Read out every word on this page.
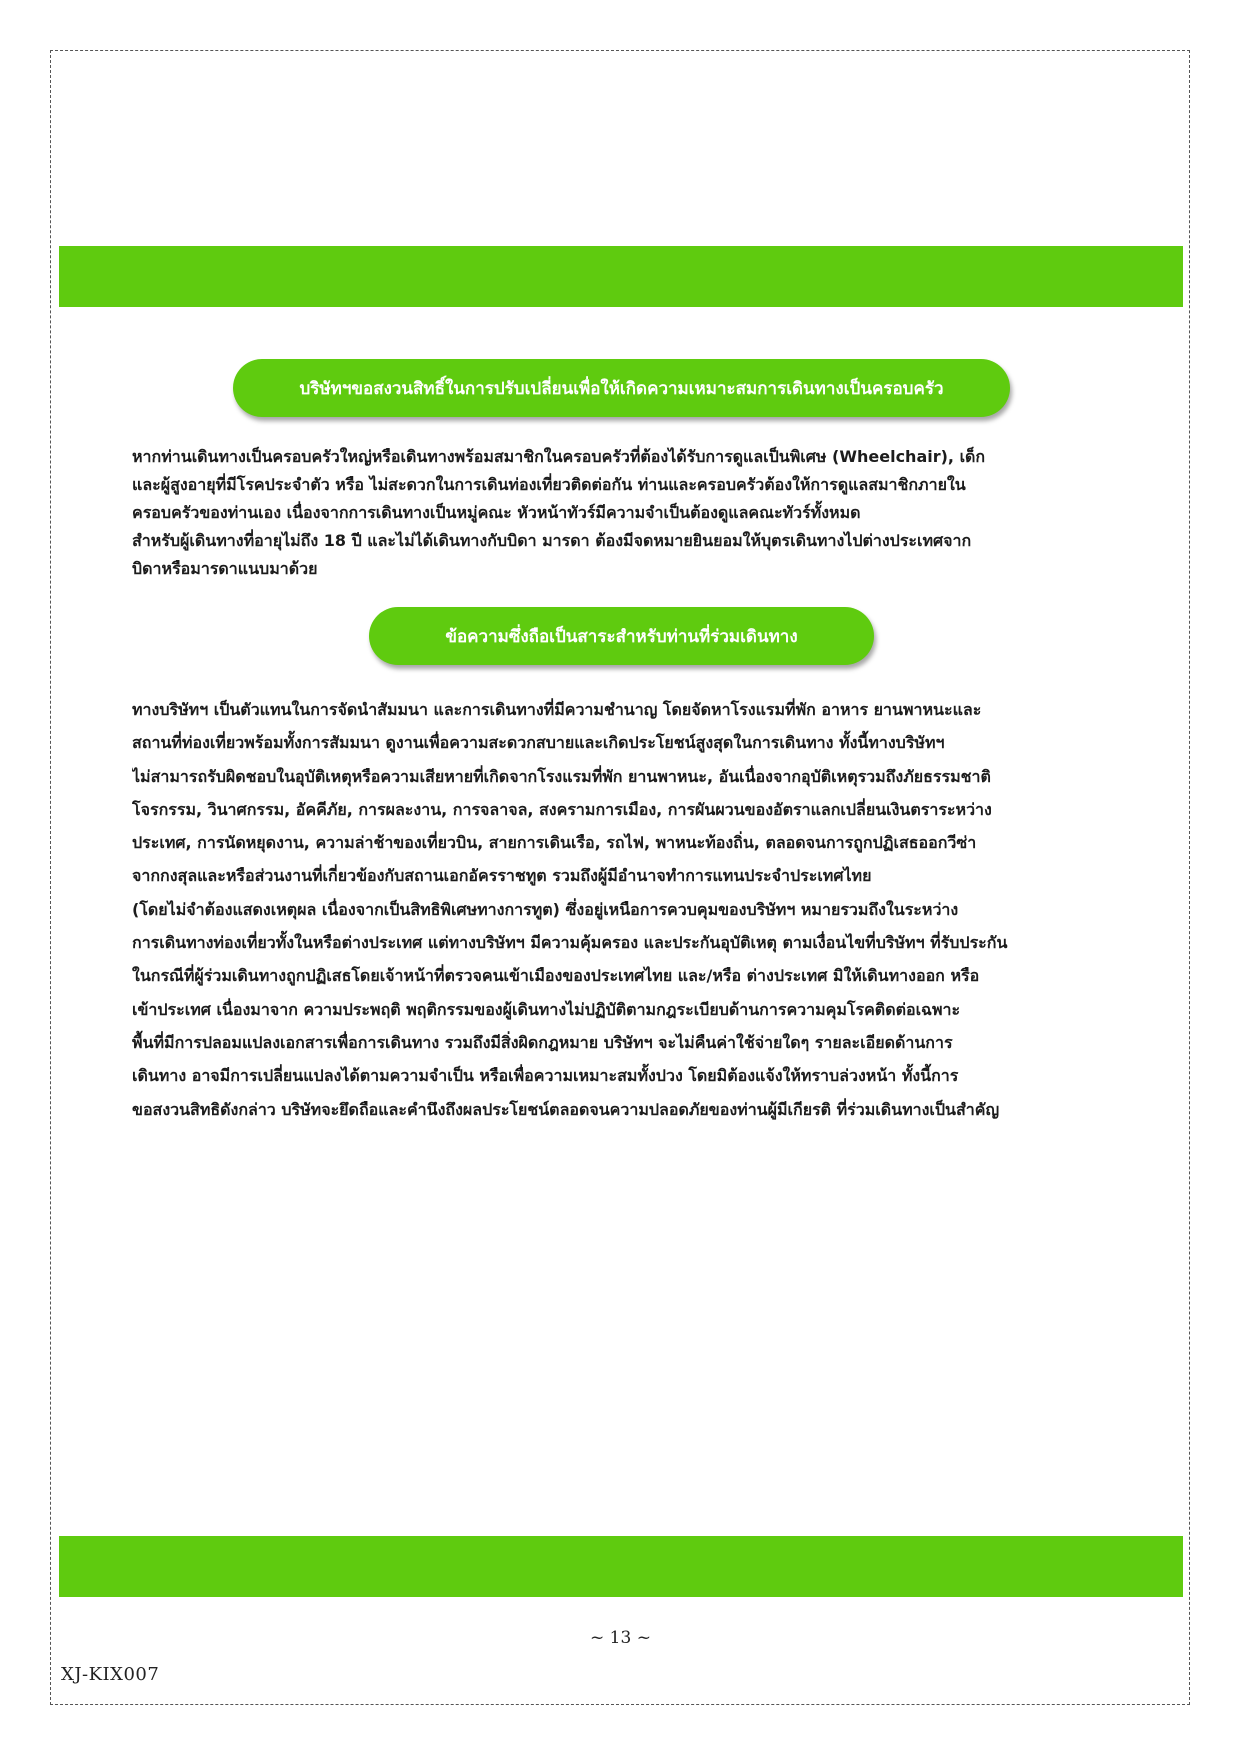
บริษัทฯขอสงวนสิทธิ์ในการปรับเปลี่ยนเพื่อให้เกิดความเหมาะสมการเดินทางเป็นครอบครัว
หากท่านเดินทางเป็นครอบครัวใหญ่หรือเดินทางพร้อมสมาชิกในครอบครัวที่ต้องได้รับการดูแลเป็นพิเศษ (Wheelchair), เด็ก
และผู้สูงอายุที่มีโรคประจำตัว หรือ ไม่สะดวกในการเดินท่องเที่ยวติดต่อกัน ท่านและครอบครัวต้องให้การดูแลสมาชิกภายใน
ครอบครัวของท่านเอง เนื่องจากการเดินทางเป็นหมู่คณะ หัวหน้าทัวร์มีความจำเป็นต้องดูแลคณะทัวร์ทั้งหมด
สำหรับผู้เดินทางที่อายุไม่ถึง 18 ปี และไม่ได้เดินทางกับบิดา มารดา ต้องมีจดหมายยินยอมให้บุตรเดินทางไปต่างประเทศจาก
บิดาหรือมารดาแนบมาด้วย
ข้อความซึ่งถือเป็นสาระสำหรับท่านที่ร่วมเดินทาง
ทางบริษัทฯ เป็นตัวแทนในการจัดนำสัมมนา และการเดินทางที่มีความชำนาญ โดยจัดหาโรงแรมที่พัก อาหาร ยานพาหนะและ
สถานที่ท่องเที่ยวพร้อมทั้งการสัมมนา ดูงานเพื่อความสะดวกสบายและเกิดประโยชน์สูงสุดในการเดินทาง ทั้งนี้ทางบริษัทฯ
ไม่สามารถรับผิดชอบในอุบัติเหตุหรือความเสียหายที่เกิดจากโรงแรมที่พัก ยานพาหนะ, อันเนื่องจากอุบัติเหตุรวมถึงภัยธรรมชาติ
โจรกรรม, วินาศกรรม, อัคคีภัย, การผละงาน, การจลาจล, สงครามการเมือง, การผันผวนของอัตราแลกเปลี่ยนเงินตราระหว่าง
ประเทศ, การนัดหยุดงาน, ความล่าช้าของเที่ยวบิน, สายการเดินเรือ, รถไฟ, พาหนะท้องถิ่น, ตลอดจนการถูกปฏิเสธออกวีซ่า
จากกงสุลและหรือส่วนงานที่เกี่ยวข้องกับสถานเอกอัครราชทูต รวมถึงผู้มีอำนาจทำการแทนประจำประเทศไทย
(โดยไม่จำต้องแสดงเหตุผล เนื่องจากเป็นสิทธิพิเศษทางการทูต) ซึ่งอยู่เหนือการควบคุมของบริษัทฯ หมายรวมถึงในระหว่าง
การเดินทางท่องเที่ยวทั้งในหรือต่างประเทศ แต่ทางบริษัทฯ มีความคุ้มครอง และประกันอุบัติเหตุ ตามเงื่อนไขที่บริษัทฯ ที่รับประกัน
ในกรณีที่ผู้ร่วมเดินทางถูกปฏิเสธโดยเจ้าหน้าที่ตรวจคนเข้าเมืองของประเทศไทย และ/หรือ ต่างประเทศ มิให้เดินทางออก หรือ
เข้าประเทศ เนื่องมาจาก ความประพฤติ พฤติกรรมของผู้เดินทางไม่ปฏิบัติตามกฎระเบียบด้านการความคุมโรคติดต่อเฉพาะ
พื้นที่มีการปลอมแปลงเอกสารเพื่อการเดินทาง รวมถึงมีสิ่งผิดกฎหมาย บริษัทฯ จะไม่คืนค่าใช้จ่ายใดๆ รายละเอียดด้านการ
เดินทาง อาจมีการเปลี่ยนแปลงได้ตามความจำเป็น หรือเพื่อความเหมาะสมทั้งปวง โดยมิต้องแจ้งให้ทราบล่วงหน้า ทั้งนี้การ
ขอสงวนสิทธิดังกล่าว บริษัทจะยึดถือและคำนึงถึงผลประโยชน์ตลอดจนความปลอดภัยของท่านผู้มีเกียรติ ที่ร่วมเดินทางเป็นสำคัญ
~ 13 ~
XJ-KIX007
